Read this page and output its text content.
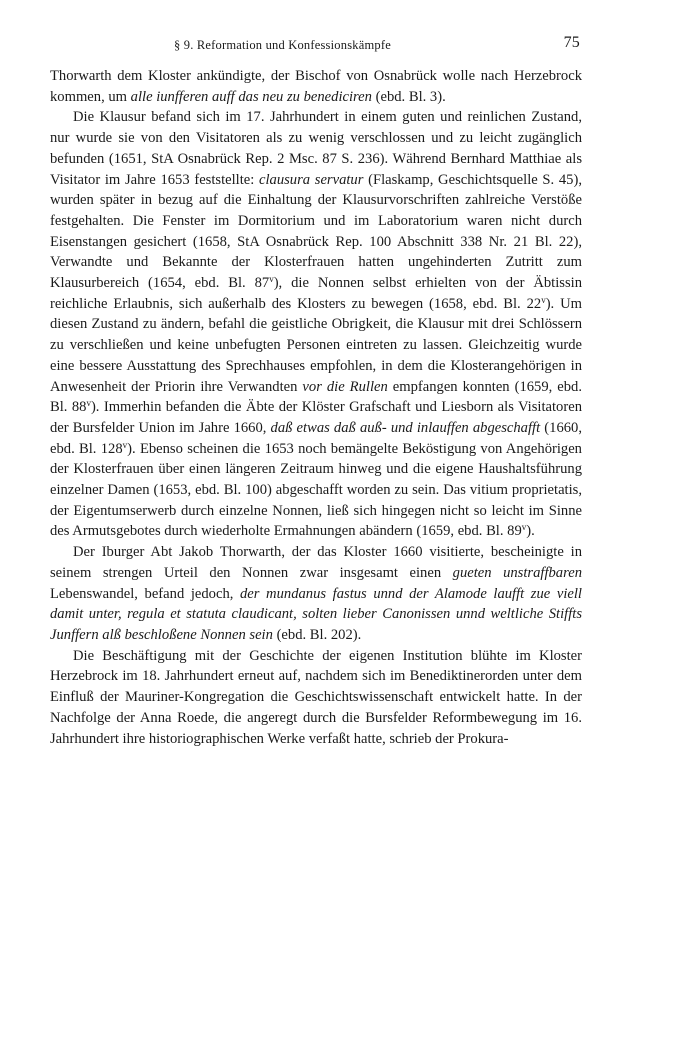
§ 9. Reformation und Konfessionskämpfe	75

Thorwarth dem Kloster ankündigte, der Bischof von Osnabrück wolle nach Herzebrock kommen, um alle iunfferen auff das neu zu benediciren (ebd. Bl. 3).

Die Klausur befand sich im 17. Jahrhundert in einem guten und reinlichen Zustand, nur wurde sie von den Visitatoren als zu wenig verschlossen und zu leicht zugänglich befunden (1651, StA Osnabrück Rep. 2 Msc. 87 S. 236). Während Bernhard Matthiae als Visitator im Jahre 1653 feststellte: clausura servatur (Flaskamp, Geschichtsquelle S. 45), wurden später in bezug auf die Einhaltung der Klausurvorschriften zahlreiche Verstöße festgehalten. Die Fenster im Dormitorium und im Laboratorium waren nicht durch Eisenstangen gesichert (1658, StA Osnabrück Rep. 100 Abschnitt 338 Nr. 21 Bl. 22), Verwandte und Bekannte der Klosterfrauen hatten ungehinderten Zutritt zum Klausurbereich (1654, ebd. Bl. 87$^v$), die Nonnen selbst erhielten von der Äbtissin reichliche Erlaubnis, sich außerhalb des Klosters zu bewegen (1658, ebd. Bl. 22$^v$). Um diesen Zustand zu ändern, befahl die geistliche Obrigkeit, die Klausur mit drei Schlössern zu verschließen und keine unbefugten Personen eintreten zu lassen. Gleichzeitig wurde eine bessere Ausstattung des Sprechhauses empfohlen, in dem die Klosterangehörigen in Anwesenheit der Priorin ihre Verwandten vor die Rullen empfangen konnten (1659, ebd. Bl. 88$^v$). Immerhin befanden die Äbte der Klöster Grafschaft und Liesborn als Visitatoren der Bursfelder Union im Jahre 1660, daß etwas daß auß- und inlauffen abgeschafft (1660, ebd. Bl. 128$^v$). Ebenso scheinen die 1653 noch bemängelte Beköstigung von Angehörigen der Klosterfrauen über einen längeren Zeitraum hinweg und die eigene Haushaltsführung einzelner Damen (1653, ebd. Bl. 100) abgeschafft worden zu sein. Das vitium proprietatis, der Eigentumserwerb durch einzelne Nonnen, ließ sich hingegen nicht so leicht im Sinne des Armutsgebotes durch wiederholte Ermahnungen abändern (1659, ebd. Bl. 89$^v$).

Der Iburger Abt Jakob Thorwarth, der das Kloster 1660 visitierte, bescheinigte in seinem strengen Urteil den Nonnen zwar insgesamt einen gueten unstraffbaren Lebenswandel, befand jedoch, der mundanus fastus unnd der Alamode laufft zue viell damit unter, regula et statuta claudicant, solten lieber Canonissen unnd weltliche Stiffts Junffern alß beschloßene Nonnen sein (ebd. Bl. 202).

Die Beschäftigung mit der Geschichte der eigenen Institution blühte im Kloster Herzebrock im 18. Jahrhundert erneut auf, nachdem sich im Benediktinerorden unter dem Einfluß der Mauriner-Kongregation die Geschichtswissenschaft entwickelt hatte. In der Nachfolge der Anna Roede, die angeregt durch die Bursfelder Reformbewegung im 16. Jahrhundert ihre historiographischen Werke verfaßt hatte, schrieb der Prokura-
